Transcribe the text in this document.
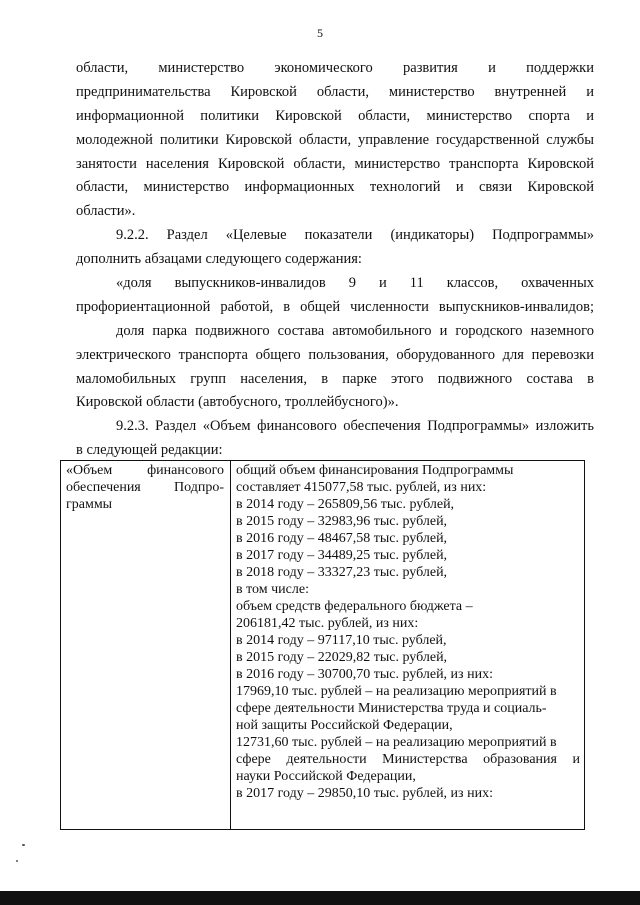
5
области, министерство экономического развития и поддержки
предпринимательства Кировской области, министерство внутренней и
информационной политики Кировской области, министерство спорта и
молодежной политики Кировской области, управление государственной службы
занятости населения Кировской области, министерство транспорта Кировской
области, министерство информационных технологий и связи Кировской
области».
9.2.2. Раздел «Целевые показатели (индикаторы) Подпрограммы»
дополнить абзацами следующего содержания:
«доля выпускников-инвалидов 9 и 11 классов, охваченных
профориентационной работой, в общей численности выпускников-инвалидов;
доля парка подвижного состава автомобильного и городского наземного
электрического транспорта общего пользования, оборудованного для перевозки
маломобильных групп населения, в парке этого подвижного состава в
Кировской области (автобусного, троллейбусного)».
9.2.3. Раздел «Объем финансового обеспечения Подпрограммы» изложить
в следующей редакции:
«Объем финансового
обеспечения Подпро-
граммы
общий объем финансирования Подпрограммы
составляет 415077,58 тыс. рублей, из них:
в 2014 году – 265809,56 тыс. рублей,
в 2015 году – 32983,96 тыс. рублей,
в 2016 году – 48467,58 тыс. рублей,
в 2017 году – 34489,25 тыс. рублей,
в 2018 году – 33327,23 тыс. рублей,
в том числе:
объем средств федерального бюджета –
206181,42 тыс. рублей, из них:
в 2014 году – 97117,10 тыс. рублей,
в 2015 году – 22029,82 тыс. рублей,
в 2016 году – 30700,70 тыс. рублей, из них:
17969,10 тыс. рублей – на реализацию мероприятий в
сфере деятельности Министерства труда и социаль-
ной защиты Российской Федерации,
12731,60 тыс. рублей – на реализацию мероприятий в
сфере деятельности Министерства образования и
науки Российской Федерации,
в 2017 году – 29850,10 тыс. рублей, из них:
